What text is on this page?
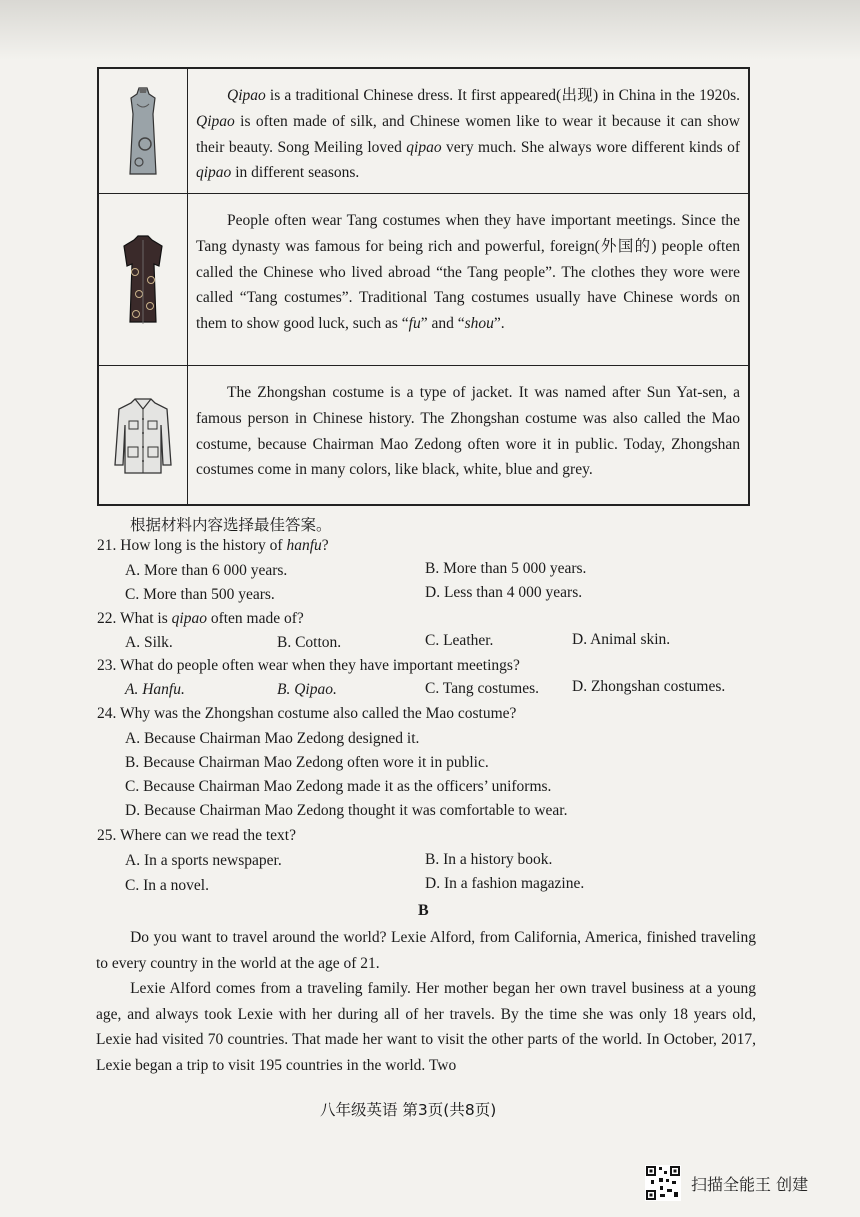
Qipao is a traditional Chinese dress. It first appeared(出现) in China in the 1920s. Qipao is often made of silk, and Chinese women like to wear it because it can show their beauty. Song Meiling loved qipao very much. She always wore different kinds of qipao in different seasons.

People often wear Tang costumes when they have important meetings. Since the Tang dynasty was famous for being rich and powerful, foreign(外国的) people often called the Chinese who lived abroad “the Tang people”. The clothes they wore were called “Tang costumes”. Traditional Tang costumes usually have Chinese words on them to show good luck, such as “fu” and “shou”.

The Zhongshan costume is a type of jacket. It was named after Sun Yat-sen, a famous person in Chinese history. The Zhongshan costume was also called the Mao costume, because Chairman Mao Zedong often wore it in public. Today, Zhongshan costumes come in many colors, like black, white, blue and grey.

根据材料内容选择最佳答案。
21. How long is the history of hanfu?
A. More than 6 000 years.	B. More than 5 000 years.
C. More than 500 years.	D. Less than 4 000 years.
22. What is qipao often made of?
A. Silk.	B. Cotton.	C. Leather.	D. Animal skin.
23. What do people often wear when they have important meetings?
A. Hanfu.	B. Qipao.	C. Tang costumes. D. Zhongshan costumes.
24. Why was the Zhongshan costume also called the Mao costume?
A. Because Chairman Mao Zedong designed it.
B. Because Chairman Mao Zedong often wore it in public.
C. Because Chairman Mao Zedong made it as the officers’ uniforms.
D. Because Chairman Mao Zedong thought it was comfortable to wear.
25. Where can we read the text?
A. In a sports newspaper.	B. In a history book.
C. In a novel.	D. In a fashion magazine.
B

Do you want to travel around the world? Lexie Alford, from California, America, finished traveling to every country in the world at the age of 21.

Lexie Alford comes from a traveling family. Her mother began her own travel business at a young age, and always took Lexie with her during all of her travels. By the time she was only 18 years old, Lexie had visited 70 countries. That made her want to visit the other parts of the world. In October, 2017, Lexie began a trip to visit 195 countries in the world. Two

八年级英语 第3页(共8页)
扫描全能王 创建
